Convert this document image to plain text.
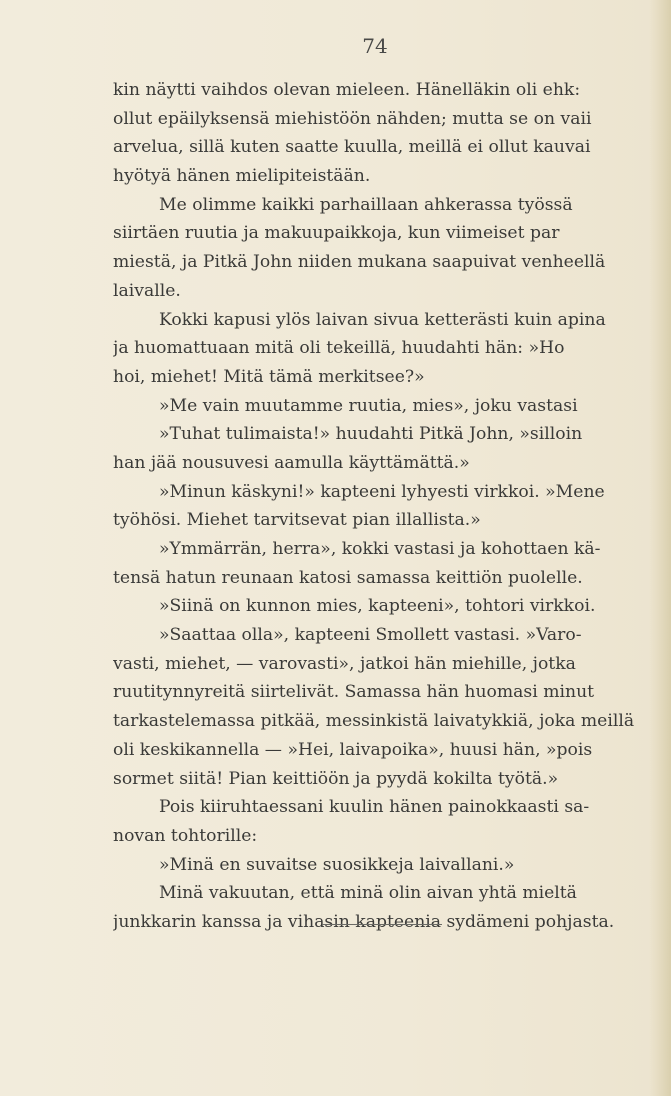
74
kin näytti vaihdos olevan mieleen. Hänelläkin oli ehk:
ollut epäilyksensä miehistöön nähden; mutta se on vaii
arvelua, sillä kuten saatte kuulla, meillä ei ollut kauvai
hyötyä hänen mielipiteistään.
Me olimme kaikki parhaillaan ahkerassa työssä
siirtäen ruutia ja makuupaikkoja, kun viimeiset par
miestä, ja Pitkä John niiden mukana saapuivat venheellä
laivalle.
Kokki kapusi ylös laivan sivua ketterästi kuin apina
ja huomattuaan mitä oli tekeillä, huudahti hän: »Ho
hoi, miehet! Mitä tämä merkitsee?»
»Me vain muutamme ruutia, mies», joku vastasi
»Tuhat tulimaista!» huudahti Pitkä John, »silloin
han jää nousuvesi aamulla käyttämättä.»
»Minun käskyni!» kapteeni lyhyesti virkkoi. »Mene
työhösi. Miehet tarvitsevat pian illallista.»
»Ymmärrän, herra», kokki vastasi ja kohottaen kä-
tensä hatun reunaan katosi samassa keittiön puolelle.
»Siinä on kunnon mies, kapteeni», tohtori virkkoi.
»Saattaa olla», kapteeni Smollett vastasi. »Varo-
vasti, miehet, — varovasti», jatkoi hän miehille, jotka
ruutitynnyreitä siirtelivät. Samassa hän huomasi minut
tarkastelemassa pitkää, messinkistä laivatykkiä, joka meillä
oli keskikannella — »Hei, laivapoika», huusi hän, »pois
sormet siitä! Pian keittiöön ja pyydä kokilta työtä.»
Pois kiiruhtaessani kuulin hänen painokkaasti sa-
novan tohtorille:
»Minä en suvaitse suosikkeja laivallani.»
Minä vakuutan, että minä olin aivan yhtä mieltä
junkkarin kanssa ja vihasin kapteenia sydämeni pohjasta.
